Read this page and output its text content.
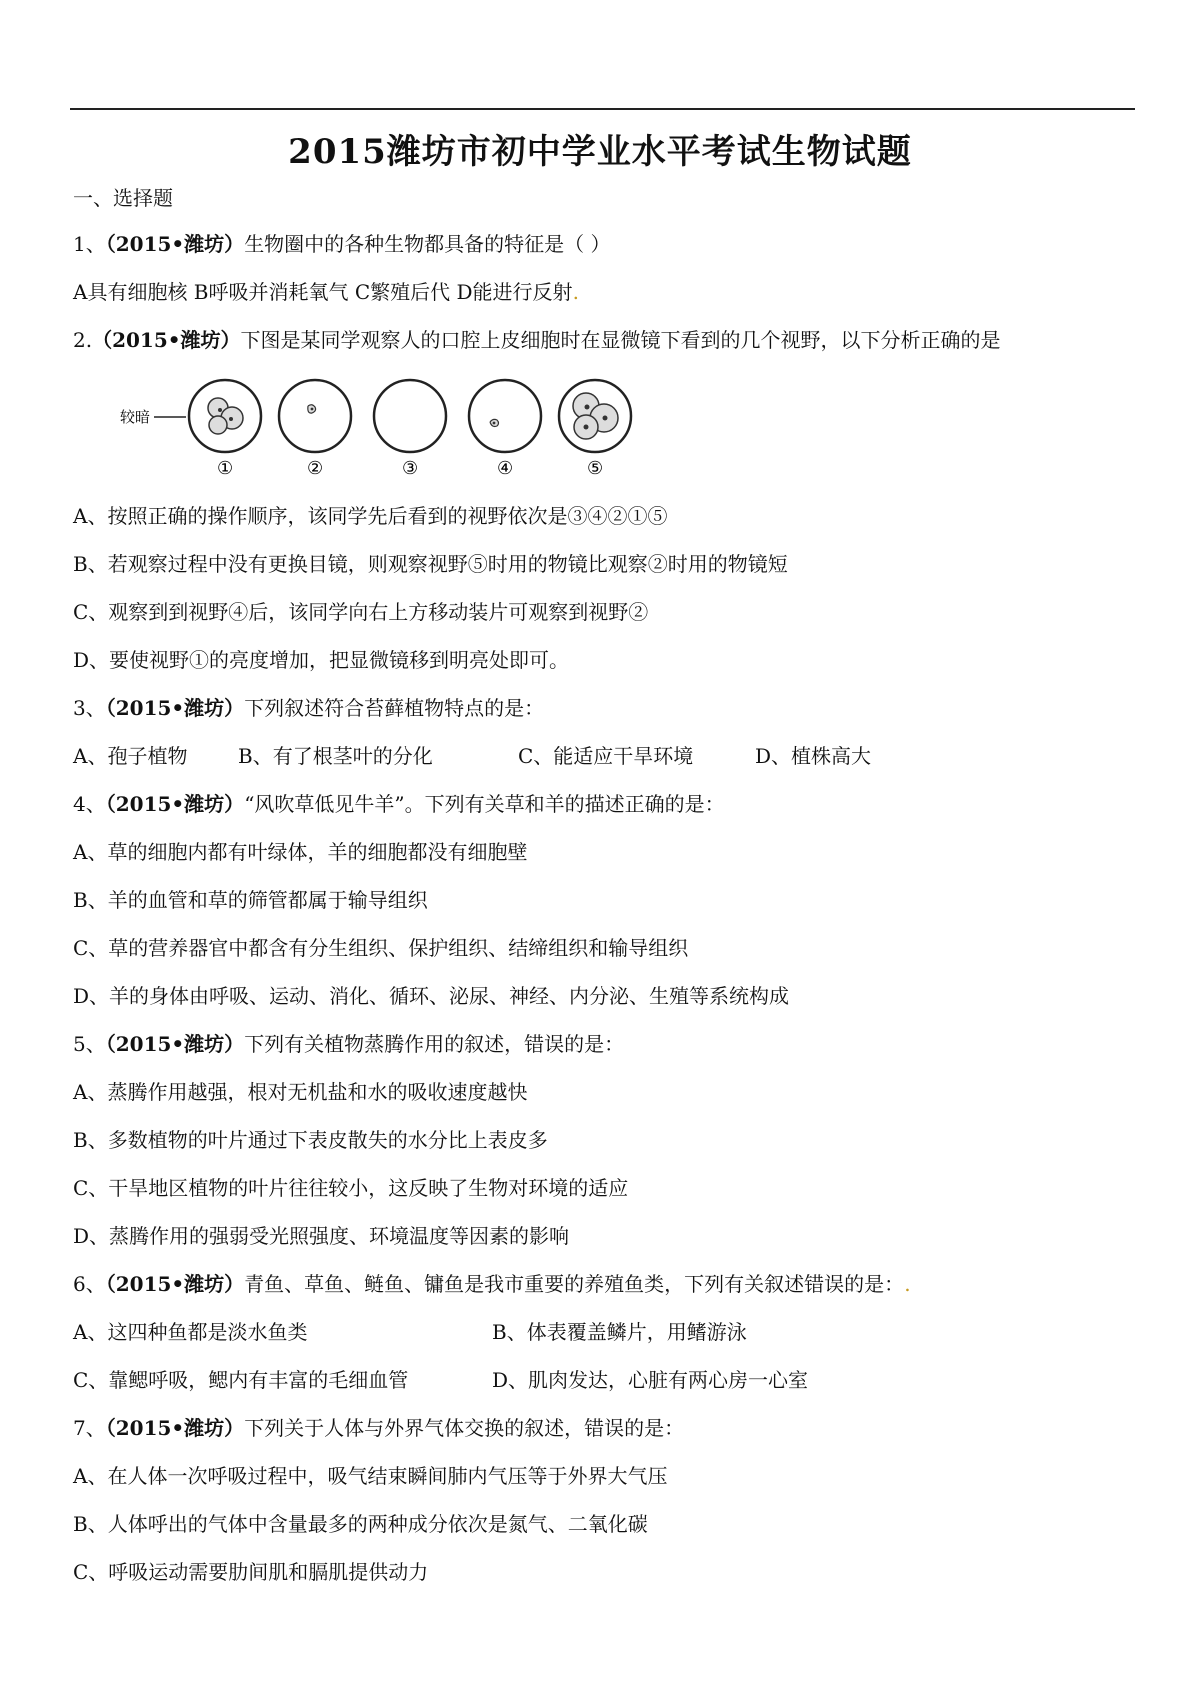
2015潍坊市初中学业水平考试生物试题
一、选择题
1、（2015•潍坊）生物圈中的各种生物都具备的特征是（ ）
A具有细胞核 B呼吸并消耗氧气 C繁殖后代 D能进行反射.
2.（2015•潍坊）下图是某同学观察人的口腔上皮细胞时在显微镜下看到的几个视野，以下分析正确的是
较暗
①	②	③	④	⑤
A、按照正确的操作顺序，该同学先后看到的视野依次是③④②①⑤
B、若观察过程中没有更换目镜，则观察视野⑤时用的物镜比观察②时用的物镜短
C、观察到到视野④后，该同学向右上方移动装片可观察到视野②
D、要使视野①的亮度增加，把显微镜移到明亮处即可。
3、（2015•潍坊）下列叙述符合苔藓植物特点的是：
A、孢子植物	B、有了根茎叶的分化	C、能适应干旱环境	D、植株高大
4、（2015•潍坊）“风吹草低见牛羊”。下列有关草和羊的描述正确的是：
A、草的细胞内都有叶绿体，羊的细胞都没有细胞壁
B、羊的血管和草的筛管都属于输导组织
C、草的营养器官中都含有分生组织、保护组织、结缔组织和输导组织
D、羊的身体由呼吸、运动、消化、循环、泌尿、神经、内分泌、生殖等系统构成
5、（2015•潍坊）下列有关植物蒸腾作用的叙述，错误的是：
A、蒸腾作用越强，根对无机盐和水的吸收速度越快
B、多数植物的叶片通过下表皮散失的水分比上表皮多
C、干旱地区植物的叶片往往较小，这反映了生物对环境的适应
D、蒸腾作用的强弱受光照强度、环境温度等因素的影响
6、（2015•潍坊）青鱼、草鱼、鲢鱼、镛鱼是我市重要的养殖鱼类，下列有关叙述错误的是：.
A、这四种鱼都是淡水鱼类	B、体表覆盖鳞片，用鳍游泳
C、靠鳃呼吸，鳃内有丰富的毛细血管	D、肌肉发达，心脏有两心房一心室
7、（2015•潍坊）下列关于人体与外界气体交换的叙述，错误的是：
A、在人体一次呼吸过程中，吸气结束瞬间肺内气压等于外界大气压
B、人体呼出的气体中含量最多的两种成分依次是氮气、二氧化碳
C、呼吸运动需要肋间肌和膈肌提供动力
